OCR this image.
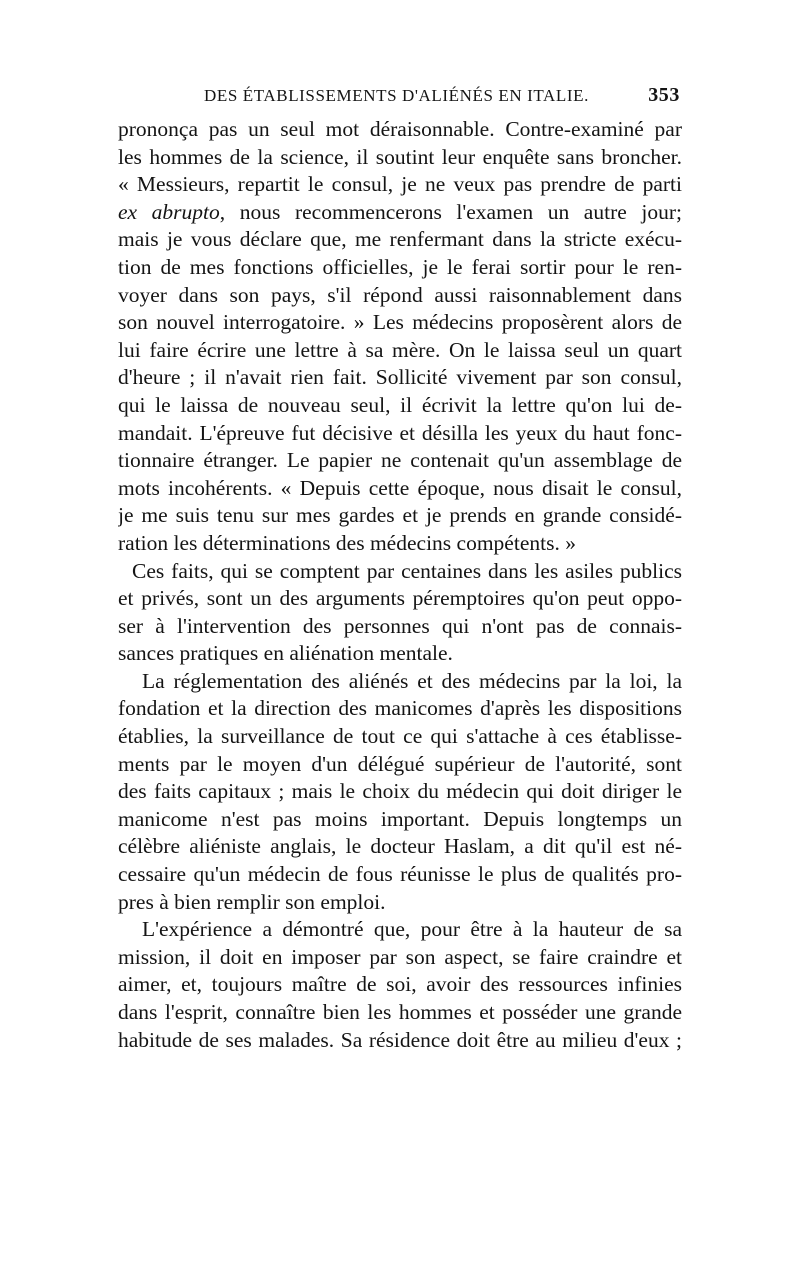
DES ÉTABLISSEMENTS D'ALIÉNÉS EN ITALIE.	353
prononça pas un seul mot déraisonnable. Contre-examiné par
les hommes de la science, il soutint leur enquête sans broncher.
« Messieurs, repartit le consul, je ne veux pas prendre de parti
ex abrupto, nous recommencerons l'examen un autre jour;
mais je vous déclare que, me renfermant dans la stricte exécu-
tion de mes fonctions officielles, je le ferai sortir pour le ren-
voyer dans son pays, s'il répond aussi raisonnablement dans
son nouvel interrogatoire. » Les médecins proposèrent alors de
lui faire écrire une lettre à sa mère. On le laissa seul un quart
d'heure ; il n'avait rien fait. Sollicité vivement par son consul,
qui le laissa de nouveau seul, il écrivit la lettre qu'on lui de-
mandait. L'épreuve fut décisive et désilla les yeux du haut fonc-
tionnaire étranger. Le papier ne contenait qu'un assemblage de
mots incohérents. « Depuis cette époque, nous disait le consul,
je me suis tenu sur mes gardes et je prends en grande considé-
ration les déterminations des médecins compétents. »
Ces faits, qui se comptent par centaines dans les asiles publics
et privés, sont un des arguments péremptoires qu'on peut oppo-
ser à l'intervention des personnes qui n'ont pas de connais-
sances pratiques en aliénation mentale.
La réglementation des aliénés et des médecins par la loi, la
fondation et la direction des manicomes d'après les dispositions
établies, la surveillance de tout ce qui s'attache à ces établisse-
ments par le moyen d'un délégué supérieur de l'autorité, sont
des faits capitaux ; mais le choix du médecin qui doit diriger le
manicome n'est pas moins important. Depuis longtemps un
célèbre aliéniste anglais, le docteur Haslam, a dit qu'il est né-
cessaire qu'un médecin de fous réunisse le plus de qualités pro-
pres à bien remplir son emploi.
L'expérience a démontré que, pour être à la hauteur de sa
mission, il doit en imposer par son aspect, se faire craindre et
aimer, et, toujours maître de soi, avoir des ressources infinies
dans l'esprit, connaître bien les hommes et posséder une grande
habitude de ses malades. Sa résidence doit être au milieu d'eux ;
